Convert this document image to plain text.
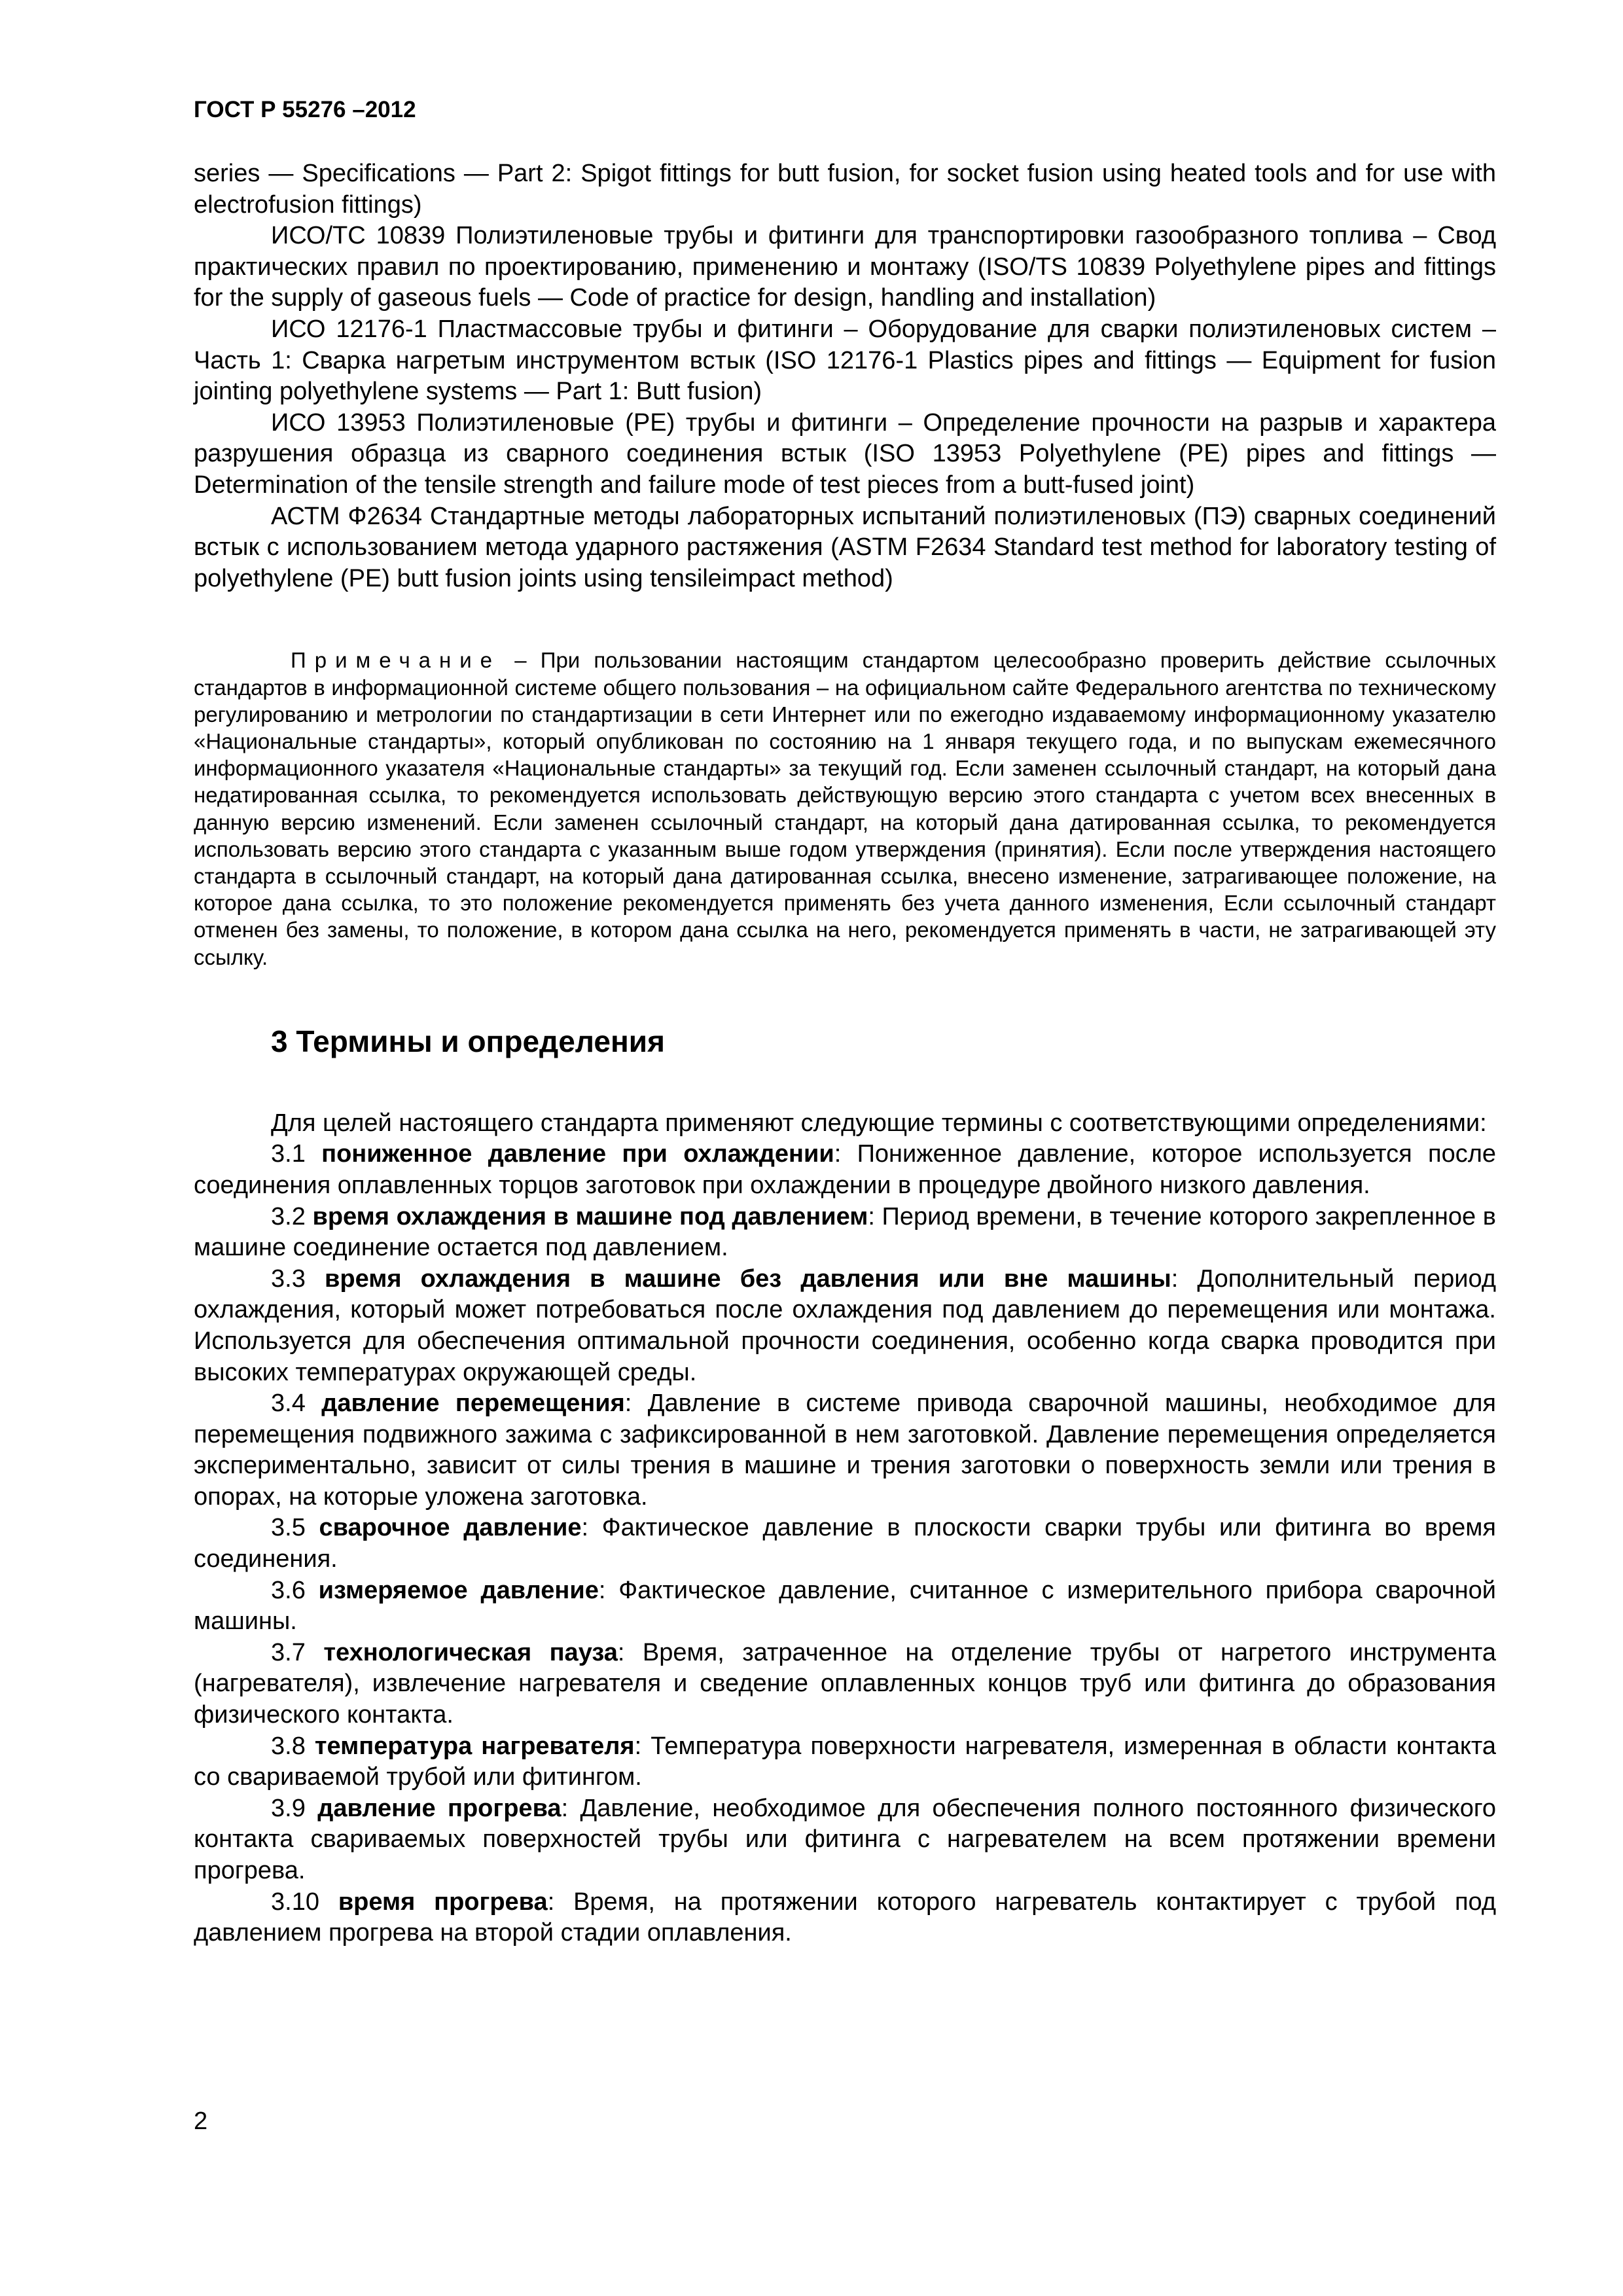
ГОСТ Р 55276 –2012

series — Specifications — Part 2: Spigot fittings for butt fusion, for socket fusion using heated tools and for use with electrofusion fittings)

ИСО/ТС 10839 Полиэтиленовые трубы и фитинги для транспортировки газообразного топлива – Свод практических правил по проектированию, применению и монтажу (ISO/TS 10839 Polyethylene pipes and fittings for the supply of gaseous fuels — Code of practice for design, handling and installation)

ИСО 12176-1 Пластмассовые трубы и фитинги – Оборудование для сварки полиэтиленовых систем – Часть 1: Сварка нагретым инструментом встык (ISO 12176-1 Plastics pipes and fittings — Equipment for fusion jointing polyethylene systems — Part 1: Butt fusion)

ИСО 13953 Полиэтиленовые (РЕ) трубы и фитинги – Определение прочности на разрыв и характера разрушения образца из сварного соединения встык (ISO 13953 Polyethylene (PE) pipes and fittings — Determination of the tensile strength and failure mode of test pieces from a butt-fused joint)

АСТМ Ф2634 Стандартные методы лабораторных испытаний полиэтиленовых (ПЭ) сварных соединений встык с использованием метода ударного растяжения (ASTM F2634 Standard test method for laboratory testing of polyethylene (PE) butt fusion joints using tensileimpact method)

Примечание – При пользовании настоящим стандартом целесообразно проверить действие ссылочных стандартов в информационной системе общего пользования – на официальном сайте Федерального агентства по техническому регулированию и метрологии по стандартизации в сети Интернет или по ежегодно издаваемому информационному указателю «Национальные стандарты», который опубликован по состоянию на 1 января текущего года, и по выпускам ежемесячного информационного указателя «Национальные стандарты» за текущий год. Если заменен ссылочный стандарт, на который дана недатированная ссылка, то рекомендуется использовать действующую версию этого стандарта с учетом всех внесенных в данную версию изменений. Если заменен ссылочный стандарт, на который дана датированная ссылка, то рекомендуется использовать версию этого стандарта с указанным выше годом утверждения (принятия). Если после утверждения настоящего стандарта в ссылочный стандарт, на который дана датированная ссылка, внесено изменение, затрагивающее положение, на которое дана ссылка, то это положение рекомендуется применять без учета данного изменения, Если ссылочный стандарт отменен без замены, то положение, в котором дана ссылка на него, рекомендуется применять в части, не затрагивающей эту ссылку.

3 Термины и определения

Для целей настоящего стандарта применяют следующие термины с соответствующими определениями:

3.1 пониженное давление при охлаждении: Пониженное давление, которое используется после соединения оплавленных торцов заготовок при охлаждении в процедуре двойного низкого давления.

3.2 время охлаждения в машине под давлением: Период времени, в течение которого закрепленное в машине соединение остается под давлением.

3.3 время охлаждения в машине без давления или вне машины: Дополнительный период охлаждения, который может потребоваться после охлаждения под давлением до перемещения или монтажа. Используется для обеспечения оптимальной прочности соединения, особенно когда сварка проводится при высоких температурах окружающей среды.

3.4 давление перемещения: Давление в системе привода сварочной машины, необходимое для перемещения подвижного зажима с зафиксированной в нем заготовкой. Давление перемещения определяется экспериментально, зависит от силы трения в машине и трения заготовки о поверхность земли или трения в опорах, на которые уложена заготовка.

3.5 сварочное давление: Фактическое давление в плоскости сварки трубы или фитинга во время соединения.

3.6 измеряемое давление: Фактическое давление, считанное с измерительного прибора сварочной машины.

3.7 технологическая пауза: Время, затраченное на отделение трубы от нагретого инструмента (нагревателя), извлечение нагревателя и сведение оплавленных концов труб или фитинга до образования физического контакта.

3.8 температура нагревателя: Температура поверхности нагревателя, измеренная в области контакта со свариваемой трубой или фитингом.

3.9 давление прогрева: Давление, необходимое для обеспечения полного постоянного физического контакта свариваемых поверхностей трубы или фитинга с нагревателем на всем протяжении времени прогрева.

3.10 время прогрева: Время, на протяжении которого нагреватель контактирует с трубой под давлением прогрева на второй стадии оплавления.

2
